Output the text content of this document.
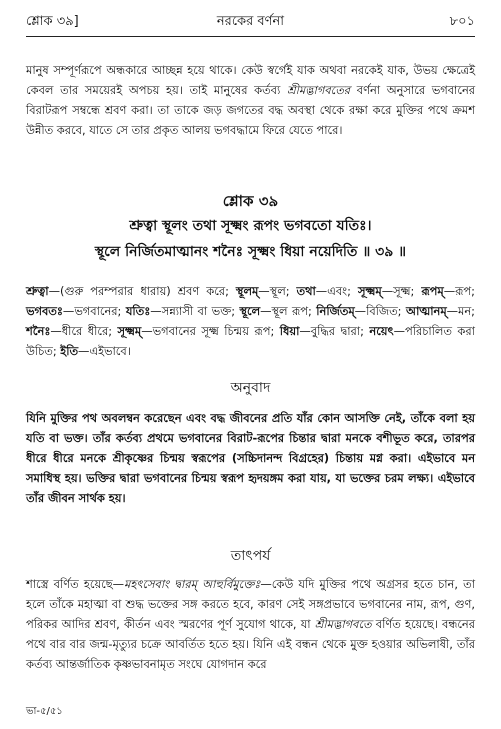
শ্লোক ৩৯]	নরকের বর্ণনা	৮০১
মানুষ সম্পূর্ণরূপে অন্ধকারে আচ্ছন্ন হয়ে থাকে। কেউ স্বর্গেই যাক অথবা নরকেই যাক, উভয় ক্ষেত্রেই কেবল তার সময়েরই অপচয় হয়। তাই মানুষের কর্তব্য শ্রীমদ্ভাগবতের বর্ণনা অনুসারে ভগবানের বিরাটরূপ সম্বন্ধে শ্রবণ করা। তা তাকে জড় জগতের বদ্ধ অবস্থা থেকে রক্ষা করে মুক্তির পথে ক্রমশ উন্নীত করবে, যাতে সে তার প্রকৃত আলয় ভগবদ্ধামে ফিরে যেতে পারে।
শ্লোক ৩৯
শ্রুত্বা স্থূলং তথা সূক্ষ্মং রূপং ভগবতো যতিঃ।
স্থূলে নির্জিতমাত্মানং শনৈঃ সূক্ষ্মং ধিয়া নয়েদিতি ॥ ৩৯ ॥
শ্রুত্বা—(গুরু পরম্পরার ধারায়) শ্রবণ করে; স্থূলম্—স্থূল; তথা—এবং; সূক্ষ্মম্—সূক্ষ্ম; রূপম্—রূপ; ভগবতঃ—ভগবানের; যতিঃ—সন্ন্যাসী বা ভক্ত; স্থূলে—স্থূল রূপ; নির্জিতম্—বিজিত; আত্মানম্—মন; শনৈঃ—ধীরে ধীরে; সূক্ষ্মম্—ভগবানের সূক্ষ্ম চিন্ময় রূপ; ধিয়া—বুদ্ধির দ্বারা; নয়েৎ—পরিচালিত করা উচিত; ইতি—এইভাবে।
অনুবাদ
যিনি মুক্তির পথ অবলম্বন করেছেন এবং বদ্ধ জীবনের প্রতি যাঁর কোন আসক্তি নেই, তাঁকে বলা হয় যতি বা ভক্ত। তাঁর কর্তব্য প্রথমে ভগবানের বিরাট-রূপের চিন্তার দ্বারা মনকে বশীভূত করে, তারপর ধীরে ধীরে মনকে শ্রীকৃষ্ণের চিন্ময় স্বরূপের (সচ্চিদানন্দ বিগ্রহের) চিন্তায় মগ্ন করা। এইভাবে মন সমাধিস্থ হয়। ভক্তির দ্বারা ভগবানের চিন্ময় স্বরূপ হৃদয়ঙ্গম করা যায়, যা ভক্তের চরম লক্ষ্য। এইভাবে তাঁর জীবন সার্থক হয়।
তাৎপর্য
শাস্ত্রে বর্ণিত হয়েছে—মহৎসেবাং দ্বারম্ আহুর্বিমুক্তেঃ—কেউ যদি মুক্তির পথে অগ্রসর হতে চান, তা হলে তাঁকে মহাত্মা বা শুদ্ধ ভক্তের সঙ্গ করতে হবে, কারণ সেই সঙ্গপ্রভাবে ভগবানের নাম, রূপ, গুণ, পরিকর আদির শ্রবণ, কীর্তন এবং স্মরণের পূর্ণ সুযোগ থাকে, যা শ্রীমদ্ভাগবতে বর্ণিত হয়েছে। বন্ধনের পথে বার বার জন্ম-মৃত্যুর চক্রে আবর্তিত হতে হয়। যিনি এই বন্ধন থেকে মুক্ত হওয়ার অভিলাষী, তাঁর কর্তব্য আন্তর্জাতিক কৃষ্ণভাবনামৃত সংঘে যোগদান করে
ভা-৫/৫১
